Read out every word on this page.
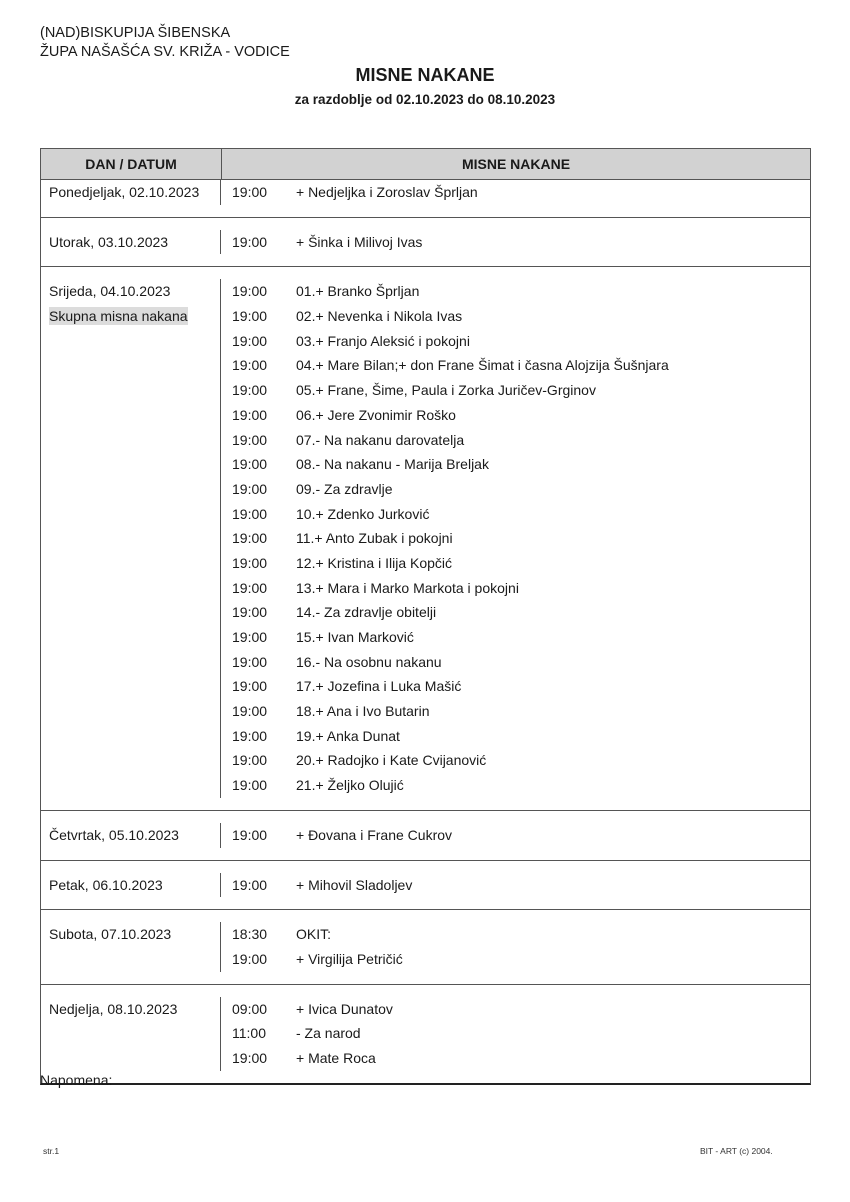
(NAD)BISKUPIJA ŠIBENSKA
ŽUPA NAŠAŠĆA SV. KRIŽA - VODICE
MISNE NAKANE
za razdoblje od 02.10.2023 do 08.10.2023
DAN / DATUM	MISNE NAKANE
Ponedjeljak, 02.10.2023	19:00	+ Nedjeljka i Zoroslav Šprljan
Utorak, 03.10.2023	19:00	+ Šinka i Milivoj Ivas
Srijeda, 04.10.2023
Skupna misna nakana
19:00	01.+ Branko Šprljan
19:00	02.+ Nevenka i Nikola Ivas
19:00	03.+ Franjo Aleksić i pokojni
19:00	04.+ Mare Bilan;+ don Frane Šimat i časna Alojzija Šušnjara
19:00	05.+ Frane, Šime, Paula i Zorka Juričev-Grginov
19:00	06.+ Jere Zvonimir Roško
19:00	07.- Na nakanu darovatelja
19:00	08.- Na nakanu - Marija Breljak
19:00	09.- Za zdravlje
19:00	10.+ Zdenko Jurković
19:00	11.+ Anto Zubak i pokojni
19:00	12.+ Kristina i Ilija Kopčić
19:00	13.+ Mara i Marko Markota i pokojni
19:00	14.- Za zdravlje obitelji
19:00	15.+ Ivan Marković
19:00	16.- Na osobnu nakanu
19:00	17.+ Jozefina i Luka Mašić
19:00	18.+ Ana i Ivo Butarin
19:00	19.+ Anka Dunat
19:00	20.+ Radojko i Kate Cvijanović
19:00	21.+ Željko Olujić
Četvrtak, 05.10.2023	19:00	+ Đovana i Frane Cukrov
Petak, 06.10.2023	19:00	+ Mihovil Sladoljev
Subota, 07.10.2023	18:30	OKIT:
19:00	+ Virgilija Petričić
Nedjelja, 08.10.2023	09:00	+ Ivica Dunatov
11:00	- Za narod
19:00	+ Mate Roca
Napomena:
str.1	BIT - ART (c) 2004.
